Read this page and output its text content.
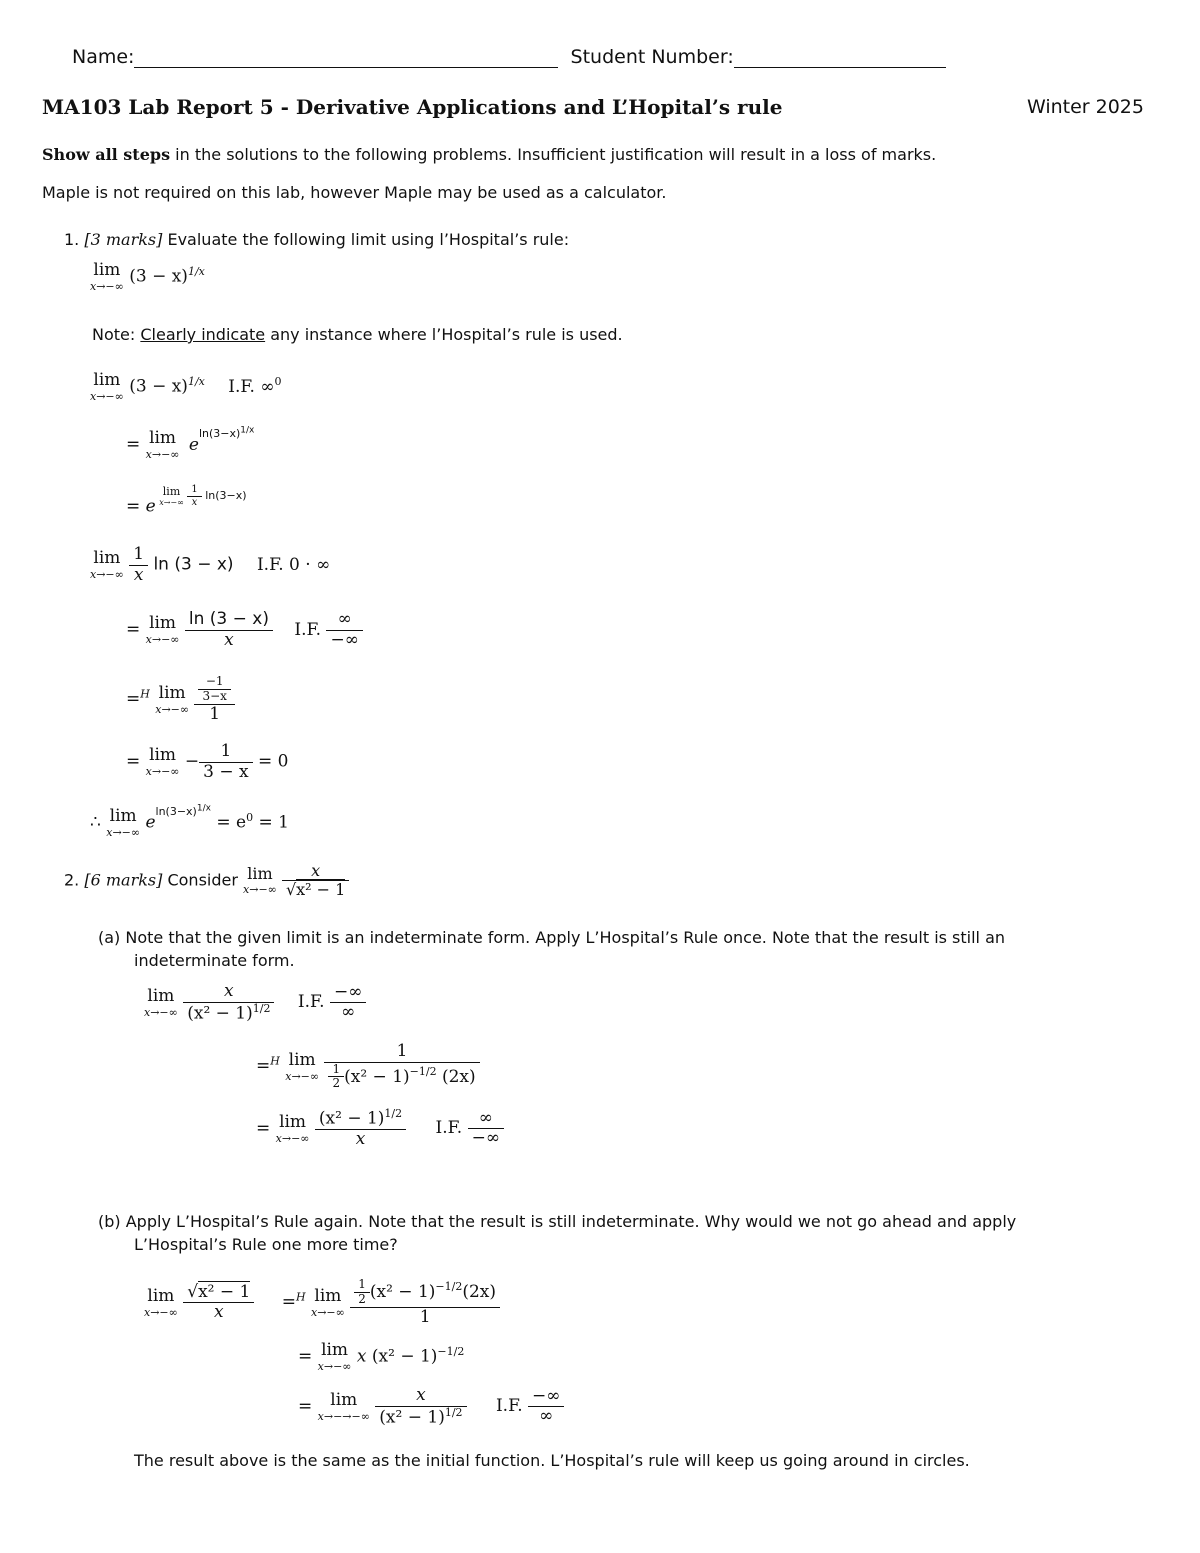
Name:	Student Number:
MA103 Lab Report 5 - Derivative Applications and L’Hopital’s rule	Winter 2025
Show all steps in the solutions to the following problems. Insufficient justification will result in a loss of marks.
Maple is not required on this lab, however Maple may be used as a calculator.
1. [3 marks] Evaluate the following limit using l’Hospital’s rule:
lim
x→−∞ $(3 - x)^{1/x}$
Note: Clearly indicate any instance where l’Hospital’s rule is used.
lim
x→−∞ $(3 - x)^{1/x}$ I.F. ∞$^0$
= lim
x→−∞ $e^{ln(3-x)^{1/x}}$
= e $^{lim x\to-\infty \frac{1}{x} ln(3-x)}$
lim
x→−∞
$\frac{1}{x}$ ln (3 − x) I.F. 0 · ∞
= lim
x→−∞
$\frac{\ln (3 - x)}{x} I.F$. $\frac{\infty}{-\infty}$
=$^H$ lim
x→−∞
$\frac{\frac{-1}{3-x}}{1}$
= lim
$x\to-\infty - \frac{1}{3 - x} = 0$
∴ lim
x→−∞ $e^{ln(3-x)^{1/x}} = e^0 = 1$
2. [6 marks] Consider lim
x→−∞
$\frac{x}{\text{√x² − 1}}$
(a) Note that the given limit is an indeterminate form. Apply L’Hospital’s Rule once. Note that the result is still an
indeterminate form.
lim
x→−∞
$\frac{x}{(x^2 - 1)^{1/2}} I.F$. $\frac{-\infty}{\infty}$
=$^H$ lim
x→−∞
$\frac{1}{\frac{1}{2} (x^2 - 1)^{-1/2} (2x)}$
= lim
x→−∞
$\frac{(x^2 - 1)^{1/2}}{x} I.F$. $\frac{\infty}{-\infty}$
(b) Apply L’Hospital’s Rule again. Note that the result is still indeterminate. Why would we not go ahead and apply
L’Hospital’s Rule one more time?
lim
x→−∞
$\frac{\text{√x² − 1}}{x} =^H$ lim
x→−∞
$\frac{\frac{1}{2} (x^2 - 1)^{-1/2}(2x)}{1}$
= lim
x→−∞ x $(x^2 - 1)^{-1/2}$
= lim
x→−→−∞
$\frac{x}{(x^2 - 1)^{1/2}} I.F$. $\frac{-\infty}{\infty}$
The result above is the same as the initial function. L’Hospital’s rule will keep us going around in circles.
